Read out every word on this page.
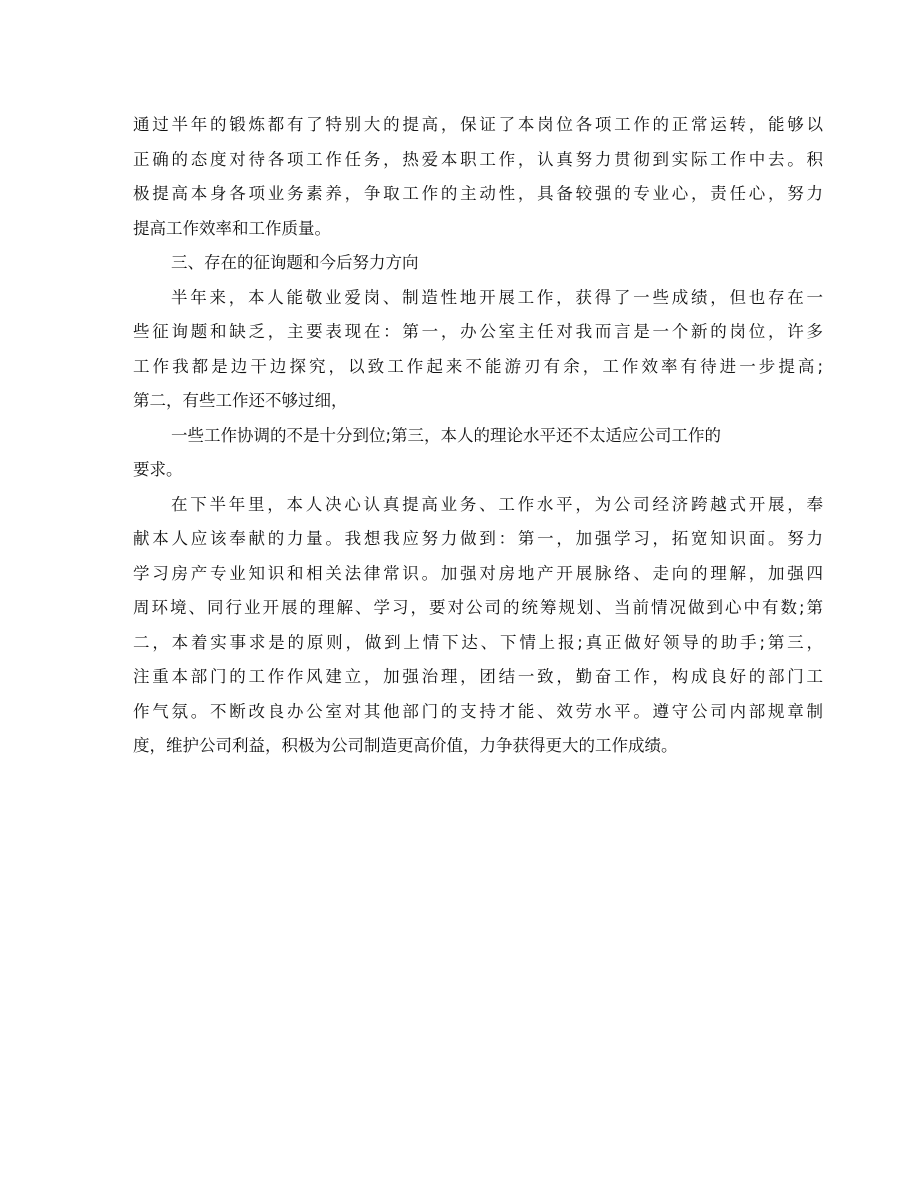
通过半年的锻炼都有了特别大的提高，保证了本岗位各项工作的正常运转，能够以
正确的态度对待各项工作任务，热爱本职工作，认真努力贯彻到实际工作中去。积
极提高本身各项业务素养，争取工作的主动性，具备较强的专业心，责任心，努力
提高工作效率和工作质量。
三、存在的征询题和今后努力方向
半年来，本人能敬业爱岗、制造性地开展工作，获得了一些成绩，但也存在一
些征询题和缺乏，主要表现在：第一，办公室主任对我而言是一个新的岗位，许多
工作我都是边干边探究，以致工作起来不能游刃有余，工作效率有待进一步提高;
第二，有些工作还不够过细，
一些工作协调的不是十分到位;第三，本人的理论水平还不太适应公司工作的
要求。
在下半年里，本人决心认真提高业务、工作水平，为公司经济跨越式开展，奉
献本人应该奉献的力量。我想我应努力做到：第一，加强学习，拓宽知识面。努力
学习房产专业知识和相关法律常识。加强对房地产开展脉络、走向的理解，加强四
周环境、同行业开展的理解、学习，要对公司的统筹规划、当前情况做到心中有数;第
二，本着实事求是的原则，做到上情下达、下情上报;真正做好领导的助手;第三，
注重本部门的工作作风建立，加强治理，团结一致，勤奋工作，构成良好的部门工
作气氛。不断改良办公室对其他部门的支持才能、效劳水平。遵守公司内部规章制
度，维护公司利益，积极为公司制造更高价值，力争获得更大的工作成绩。
